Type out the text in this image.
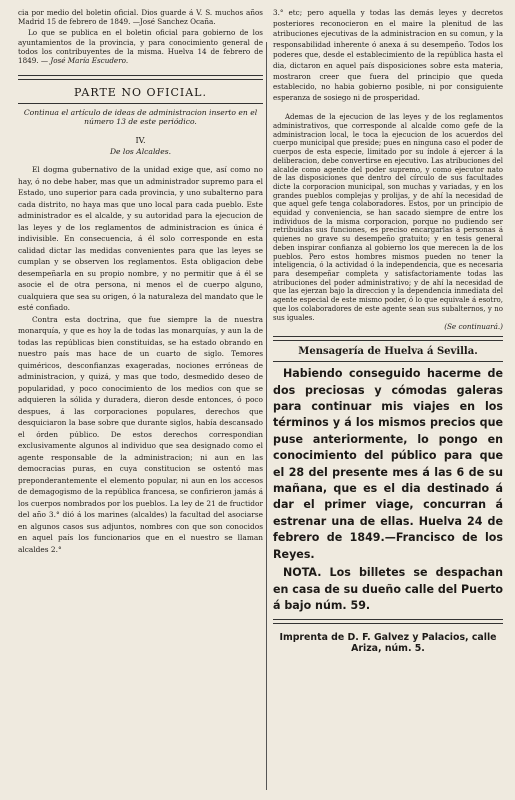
cia por medio del boletin oficial. Dios guarde á V. S. muchos años Madrid 15 de febrero de 1849. —José Sanchez Ocaña.

Lo que se publica en el boletin oficial para gobierno de los ayuntamientos de la provincia, y para conocimiento general de todos los contribuyentes de la misma. Huelva 14 de febrero de 1849. — José María Escudero.

PARTE NO OFICIAL.

Continua el artículo de ideas de administracion inserto en el número 13 de este periódico.

IV.

De los Alcaldes.

El dogma gubernativo de la unidad exige que, así como no hay, ó no debe haber, mas que un administrador supremo para el Estado, uno superior para cada provincia, y uno subalterno para cada distrito, no haya mas que uno local para cada pueblo. Este administrador es el alcalde, y su autoridad para la ejecucion de las leyes y de los reglamentos de administracion es única é indivisible. En consecuencia, á él solo corresponde en esta calidad dictar las medidas convenientes para que las leyes se cumplan y se observen los reglamentos. Esta obligacion debe desempeñarla en su propio nombre, y no permitir que á él se asocie el de otra persona, ni menos el de cuerpo alguno, cualquiera que sea su origen, ó la naturaleza del mandato que le esté confiado.

Contra esta doctrina, que fue siempre la de nuestra monarquía, y que es hoy la de todas las monarquías, y aun la de todas las repúblicas bien constituidas, se ha estado obrando en nuestro país mas hace de un cuarto de siglo. Temores quiméricos, desconfianzas exageradas, nociones erróneas de administracion, y quizá, y mas que todo, desmedido deseo de popularidad, y poco conocimiento de los medios con que se adquieren la sólida y duradera, dieron desde entonces, ó poco despues, á las corporaciones populares, derechos que desquiciaron la base sobre que durante siglos, había descansado el órden público. De estos derechos correspondian exclusivamente algunos al individuo que sea designado como el agente responsable de la administracion; ni aun en las democracias puras, en cuya constitucion se ostentó mas preponderantemente el elemento popular, ni aun en los accesos de demagogismo de la república francesa, se confirieron jamás á los cuerpos nombrados por los pueblos. La ley de 21 de fructidor del año 3.° dió á los marines (alcaldes) la facultad del asociarse en algunos casos sus adjuntos, nombres con que son conocidos en aquel país los funcionarios que en el nuestro se llaman alcaldes 2.°

3.° etc; pero aquella y todas las demás leyes y decretos posteriores reconocieron en el maire la plenitud de las atribuciones ejecutivas de la administracion en su comun, y la responsabilidad inherente ó anexa á su desempeño. Todos los poderes que, desde el establecimiento de la república hasta el dia, dictaron en aquel país disposiciones sobre esta materia, mostraron creer que fuera del principio que queda establecido, no habia gobierno posible, ni por consiguiente esperanza de sosiego ni de prosperidad.

Ademas de la ejecucion de las leyes y de los reglamentos administrativos, que corresponde al alcalde como gefe de la administracion local, le toca la ejecucion de los acuerdos del cuerpo municipal que preside; pues en ninguna caso el poder de cuerpos de esta especie, limitado por su índole á ejercer á la deliberacion, debe convertirse en ejecutivo. Las atribuciones del alcalde como agente del poder supremo, y como ejecutor nato de las disposiciones que dentro del círculo de sus facultades dicte la corporacion municipal, son muchas y variadas, y en los grandes pueblos complejas y prolijas, y de ahí la necesidad de que aquel gefe tenga colaboradores. Estos, por un principio de equidad y conveniencia, se han sacado siempre de entre los individuos de la misma corporacion, porque no pudiendo ser retribuidas sus funciones, es preciso encargarlas á personas á quienes no grave su desempeño gratuito; y en tesis general deben inspirar confianza al gobierno los que merecen la de los pueblos. Pero estos hombres mismos pueden no tener la inteligencia, ó la actividad ó la independencia, que es necesaria para desempeñar completa y satisfactoriamente todas las atribuciones del poder administrativo; y de ahí la necesidad de que las ejerzan bajo la direccion y la dependencia inmediata del agente especial de este mismo poder, ó lo que equivale á esotro, que los colaboradores de este agente sean sus subalternos, y no sus iguales.

(Se continuará.)

Mensagería de Huelva á Sevilla.

Habiendo conseguido hacerme de dos preciosas y cómodas galeras para continuar mis viajes en los términos y á los mismos precios que puse anteriormente, lo pongo en conocimiento del público para que el 28 del presente mes á las 6 de su mañana, que es el dia destinado á dar el primer viage, concurran á estrenar una de ellas. Huelva 24 de febrero de 1849.—Francisco de los Reyes.

NOTA. Los billetes se despachan en casa de su dueño calle del Puerto á bajo núm. 59.

Imprenta de D. F. Galvez y Palacios, calle Ariza, núm. 5.
